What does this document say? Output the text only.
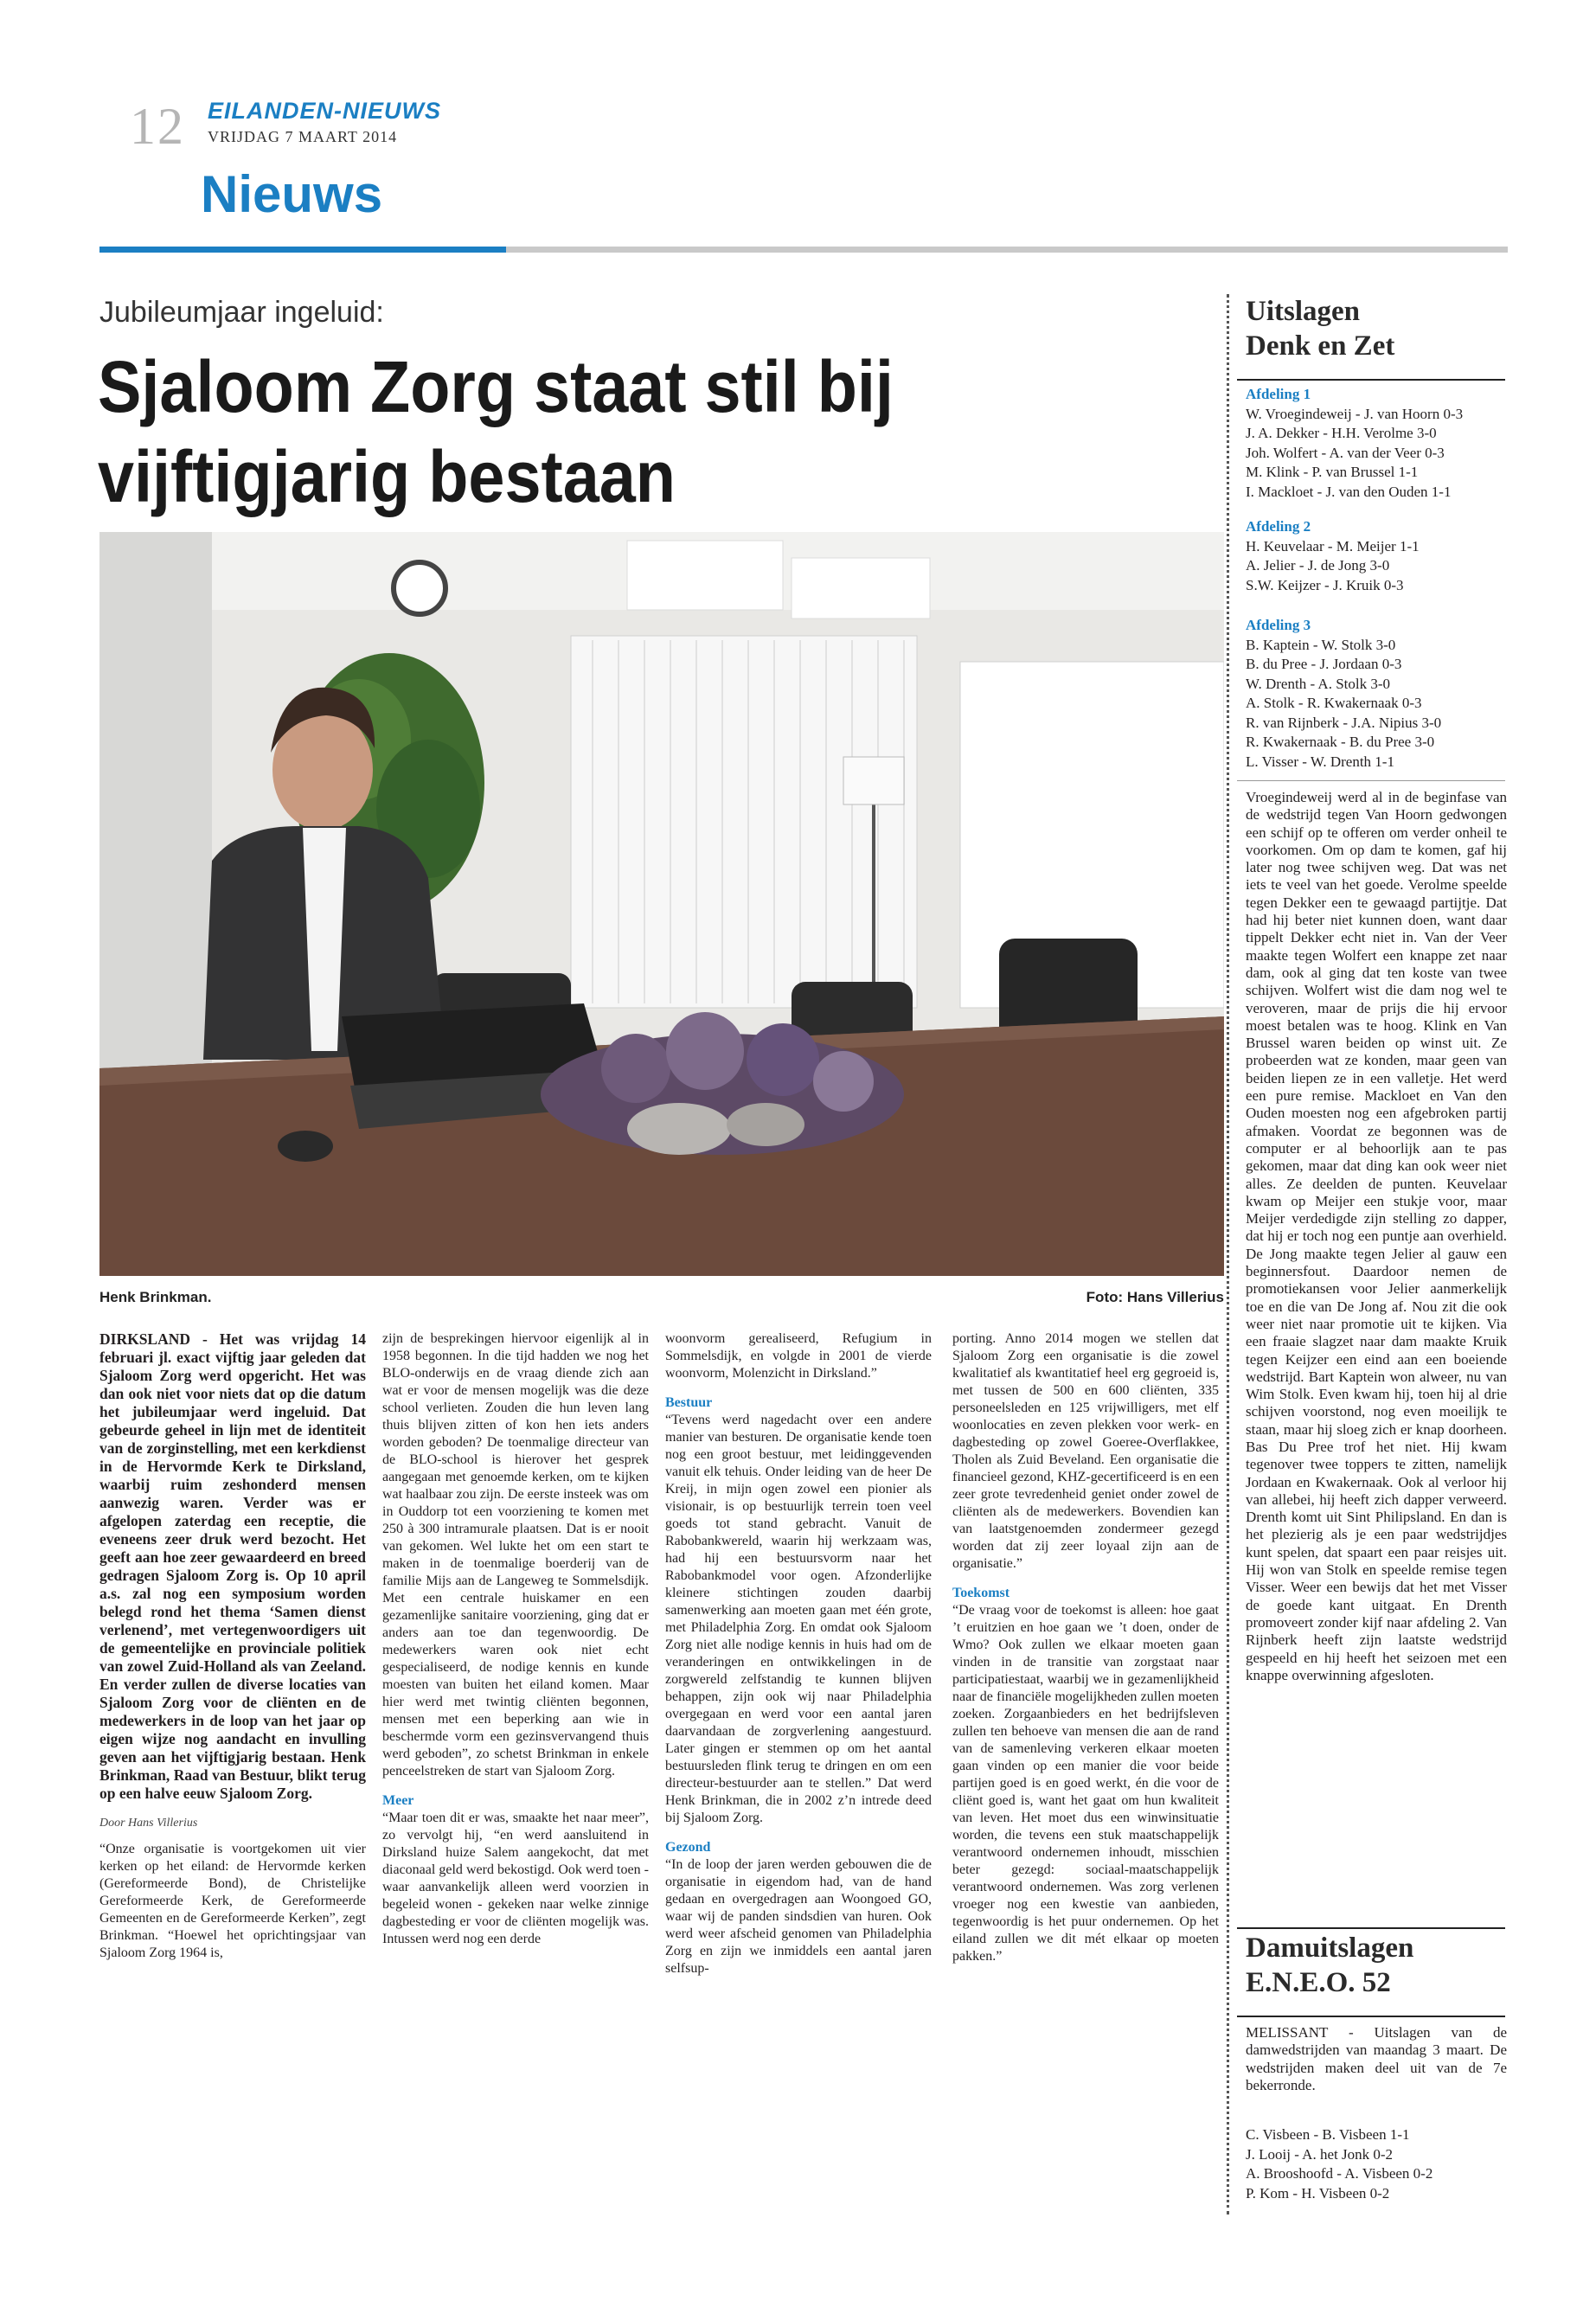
12 EILANDEN-NIEUWS
VRIJDAG 7 MAART 2014
Nieuws
Jubileumjaar ingeluid:
Sjaloom Zorg staat stil bij vijftigjarig bestaan
Henk Brinkman.	Foto: Hans Villerius

DIRKSLAND - Het was vrijdag 14 februari jl. exact vijftig jaar geleden dat Sjaloom Zorg werd opgericht. Het was dan ook niet voor niets dat op die datum het jubileumjaar werd ingeluid. Dat gebeurde geheel in lijn met de identiteit van de zorginstelling, met een kerkdienst in de Hervormde Kerk te Dirksland, waarbij ruim zeshonderd mensen aanwezig waren. Verder was er afgelopen zaterdag een receptie, die eveneens zeer druk werd bezocht. Het geeft aan hoe zeer gewaardeerd en breed gedragen Sjaloom Zorg is. Op 10 april a.s. zal nog een symposium worden belegd rond het thema ‘Samen dienst verlenend’, met vertegenwoordigers uit de gemeentelijke en provinciale politiek van zowel Zuid-Holland als van Zeeland. En verder zullen de diverse locaties van Sjaloom Zorg voor de cliënten en de medewerkers in de loop van het jaar op eigen wijze nog aandacht en invulling geven aan het vijftigjarig bestaan. Henk Brinkman, Raad van Bestuur, blikt terug op een halve eeuw Sjaloom Zorg.

Door Hans Villerius

“Onze organisatie is voortgekomen uit vier kerken op het eiland: de Hervormde kerken (Gereformeerde Bond), de Christelijke Gereformeerde Kerk, de Gereformeerde Gemeenten en de Gereformeerde Kerken”, zegt Brinkman. “Hoewel het oprichtingsjaar van Sjaloom Zorg 1964 is,

zijn de besprekingen hiervoor eigenlijk al in 1958 begonnen. In die tijd hadden we nog het BLO-onderwijs en de vraag diende zich aan wat er voor de mensen mogelijk was die deze school verlieten. Zouden die hun leven lang thuis blijven zitten of kon hen iets anders worden geboden? De toenmalige directeur van de BLO-school is hierover het gesprek aangegaan met genoemde kerken, om te kijken wat haalbaar zou zijn. De eerste insteek was om in Ouddorp tot een voorziening te komen met 250 à 300 intramurale plaatsen. Dat is er nooit van gekomen. Wel lukte het om een start te maken in de toenmalige boerderij van de familie Mijs aan de Langeweg te Sommelsdijk. Met een centrale huiskamer en een gezamenlijke sanitaire voorziening, ging dat er anders aan toe dan tegenwoordig. De medewerkers waren ook niet echt gespecialiseerd, de nodige kennis en kunde moesten van buiten het eiland komen. Maar hier werd met twintig cliënten begonnen, mensen met een beperking aan wie in beschermde vorm een gezinsvervangend thuis werd geboden”, zo schetst Brinkman in enkele penceelstreken de start van Sjaloom Zorg.

Meer

“Maar toen dit er was, smaakte het naar meer”, zo vervolgt hij, “en werd aansluitend in Dirksland huize Salem aangekocht, dat met diaconaal geld werd bekostigd. Ook werd toen - waar aanvankelijk alleen werd voorzien in begeleid wonen - gekeken naar welke zinnige dagbesteding er voor de cliënten mogelijk was. Intussen werd nog een derde

woonvorm gerealiseerd, Refugium in Sommelsdijk, en volgde in 2001 de vierde woonvorm, Molenzicht in Dirksland.”

Bestuur

“Tevens werd nagedacht over een andere manier van besturen. De organisatie kende toen nog een groot bestuur, met leidinggevenden vanuit elk tehuis. Onder leiding van de heer De Kreij, in mijn ogen zowel een pionier als visionair, is op bestuurlijk terrein toen veel goeds tot stand gebracht. Vanuit de Rabobankwereld, waarin hij werkzaam was, had hij een bestuursvorm naar het Rabobankmodel voor ogen. Afzonderlijke kleinere stichtingen zouden daarbij samenwerking aan moeten gaan met één grote, met Philadelphia Zorg. En omdat ook Sjaloom Zorg niet alle nodige kennis in huis had om de veranderingen en ontwikkelingen in de zorgwereld zelfstandig te kunnen blijven behappen, zijn ook wij naar Philadelphia overgegaan en werd voor een aantal jaren daarvandaan de zorgverlening aangestuurd. Later gingen er stemmen op om het aantal bestuursleden flink terug te dringen en om een directeur-bestuurder aan te stellen.” Dat werd Henk Brinkman, die in 2002 z’n intrede deed bij Sjaloom Zorg.

Gezond

“In de loop der jaren werden gebouwen die de organisatie in eigendom had, van de hand gedaan en overgedragen aan Woongoed GO, waar wij de panden sindsdien van huren. Ook werd weer afscheid genomen van Philadelphia Zorg en zijn we inmiddels een aantal jaren selfsup-

porting. Anno 2014 mogen we stellen dat Sjaloom Zorg een organisatie is die zowel kwalitatief als kwantitatief heel erg gegroeid is, met tussen de 500 en 600 cliënten, 335 personeelsleden en 125 vrijwilligers, met elf woonlocaties en zeven plekken voor werk- en dagbesteding op zowel Goeree-Overflakkee, Tholen als Zuid Beveland. Een organisatie die financieel gezond, KHZ-gecertificeerd is en een zeer grote tevredenheid geniet onder zowel de cliënten als de medewerkers. Bovendien kan van laatstgenoemden zondermeer gezegd worden dat zij zeer loyaal zijn aan de organisatie.”

Toekomst

“De vraag voor de toekomst is alleen: hoe gaat ’t eruitzien en hoe gaan we ’t doen, onder de Wmo? Ook zullen we elkaar moeten gaan vinden in de transitie van zorgstaat naar participatiestaat, waarbij we in gezamenlijkheid naar de financiële mogelijkheden zullen moeten zoeken. Zorgaanbieders en het bedrijfsleven zullen ten behoeve van mensen die aan de rand van de samenleving verkeren elkaar moeten gaan vinden op een manier die voor beide partijen goed is en goed werkt, én die voor de cliënt goed is, want het gaat om hun kwaliteit van leven. Het moet dus een winwinsituatie worden, die tevens een stuk maatschappelijk verantwoord ondernemen inhoudt, misschien beter gezegd: sociaal-maatschappelijk verantwoord ondernemen. Was zorg verlenen vroeger nog een kwestie van aanbieden, tegenwoordig is het puur ondernemen. Op het eiland zullen we dit mét elkaar op moeten pakken.”

Uitslagen
Denk en Zet

Afdeling 1

W. Vroegindeweij - J. van Hoorn 0-3

J. A. Dekker - H.H. Verolme 3-0

Joh. Wolfert - A. van der Veer 0-3

M. Klink - P. van Brussel 1-1

I. Mackloet - J. van den Ouden 1-1

Afdeling 2

H. Keuvelaar - M. Meijer 1-1

A. Jelier - J. de Jong 3-0

S.W. Keijzer - J. Kruik 0-3

Afdeling 3

B. Kaptein - W. Stolk 3-0

B. du Pree - J. Jordaan 0-3

W. Drenth - A. Stolk 3-0

A. Stolk - R. Kwakernaak 0-3

R. van Rijnberk - J.A. Nipius 3-0

R. Kwakernaak - B. du Pree 3-0

L. Visser - W. Drenth 1-1

Vroegindeweij werd al in de beginfase van de wedstrijd tegen Van Hoorn gedwongen een schijf op te offeren om verder onheil te voorkomen. Om op dam te komen, gaf hij later nog twee schijven weg. Dat was net iets te veel van het goede. Verolme speelde tegen Dekker een te gewaagd partijtje. Dat had hij beter niet kunnen doen, want daar tippelt Dekker echt niet in. Van der Veer maakte tegen Wolfert een knappe zet naar dam, ook al ging dat ten koste van twee schijven. Wolfert wist die dam nog wel te veroveren, maar de prijs die hij ervoor moest betalen was te hoog. Klink en Van Brussel waren beiden op winst uit. Ze probeerden wat ze konden, maar geen van beiden liepen ze in een valletje. Het werd een pure remise. Mackloet en Van den Ouden moesten nog een afgebroken partij afmaken. Voordat ze begonnen was de computer er al behoorlijk aan te pas gekomen, maar dat ding kan ook weer niet alles. Ze deelden de punten. Keuvelaar kwam op Meijer een stukje voor, maar Meijer verdedigde zijn stelling zo dapper, dat hij er toch nog een puntje aan overhield. De Jong maakte tegen Jelier al gauw een beginnersfout. Daardoor nemen de promotiekansen voor Jelier aanmerkelijk toe en die van De Jong af. Nou zit die ook weer niet naar promotie uit te kijken. Via een fraaie slagzet naar dam maakte Kruik tegen Keijzer een eind aan een boeiende wedstrijd. Bart Kaptein won alweer, nu van Wim Stolk. Even kwam hij, toen hij al drie schijven voorstond, nog even moeilijk te staan, maar hij sloeg zich er knap doorheen. Bas Du Pree trof het niet. Hij kwam tegenover twee toppers te zitten, namelijk Jordaan en Kwakernaak. Ook al verloor hij van allebei, hij heeft zich dapper verweerd. Drenth komt uit Sint Philipsland. En dan is het plezierig als je een paar wedstrijdjes kunt spelen, dat spaart een paar reisjes uit. Hij won van Stolk en speelde remise tegen Visser. Weer een bewijs dat het met Visser de goede kant uitgaat. En Drenth promoveert zonder kijf naar afdeling 2. Van Rijnberk heeft zijn laatste wedstrijd gespeeld en hij heeft het seizoen met een knappe overwinning afgesloten.

Damuitslagen
E.N.E.O. 52

MELISSANT - Uitslagen van de damwedstrijden van maandag 3 maart. De wedstrijden maken deel uit van de 7e bekerronde.

C. Visbeen - B. Visbeen 1-1

J. Looij - A. het Jonk 0-2

A. Brooshoofd - A. Visbeen 0-2

P. Kom - H. Visbeen 0-2
